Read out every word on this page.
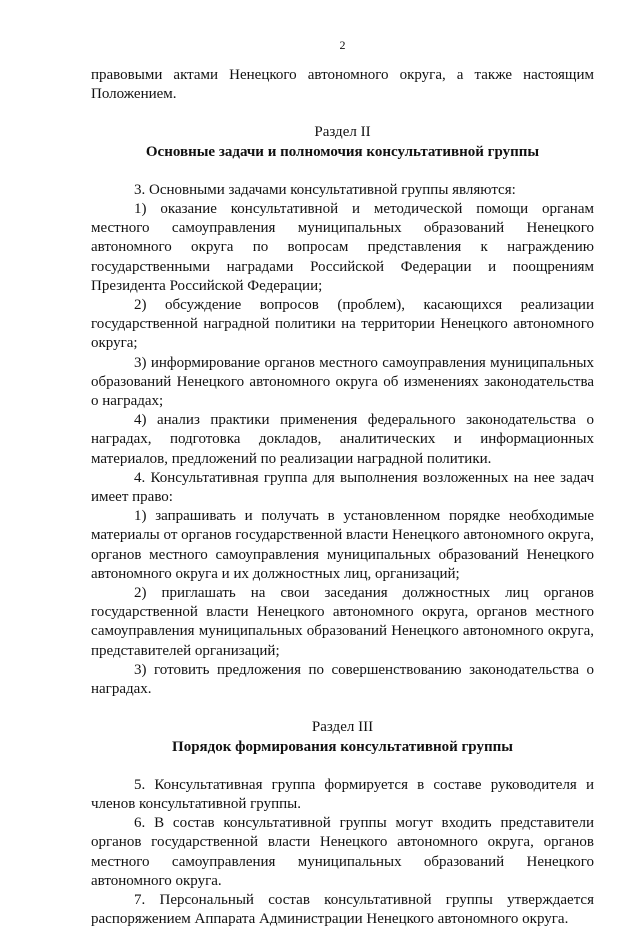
2

правовыми актами Ненецкого автономного округа, а также настоящим Положением.

Раздел II
Основные задачи и полномочия консультативной группы

3. Основными задачами консультативной группы являются:

1) оказание консультативной и методической помощи органам местного самоуправления муниципальных образований Ненецкого автономного округа по вопросам представления к награждению государственными наградами Российской Федерации и поощрениям Президента Российской Федерации;

2) обсуждение вопросов (проблем), касающихся реализации государственной наградной политики на территории Ненецкого автономного округа;

3) информирование органов местного самоуправления муниципальных образований Ненецкого автономного округа об изменениях законодательства о наградах;

4) анализ практики применения федерального законодательства о наградах, подготовка докладов, аналитических и информационных материалов, предложений по реализации наградной политики.

4. Консультативная группа для выполнения возложенных на нее задач имеет право:

1) запрашивать и получать в установленном порядке необходимые материалы от органов государственной власти Ненецкого автономного округа, органов местного самоуправления муниципальных образований Ненецкого автономного округа и их должностных лиц, организаций;

2) приглашать на свои заседания должностных лиц органов государственной власти Ненецкого автономного округа, органов местного самоуправления муниципальных образований Ненецкого автономного округа, представителей организаций;

3) готовить предложения по совершенствованию законодательства о наградах.

Раздел III
Порядок формирования консультативной группы

5. Консультативная группа формируется в составе руководителя и членов консультативной группы.

6. В состав консультативной группы могут входить представители органов государственной власти Ненецкого автономного округа, органов местного самоуправления муниципальных образований Ненецкого автономного округа.

7. Персональный состав консультативной группы утверждается распоряжением Аппарата Администрации Ненецкого автономного округа.
